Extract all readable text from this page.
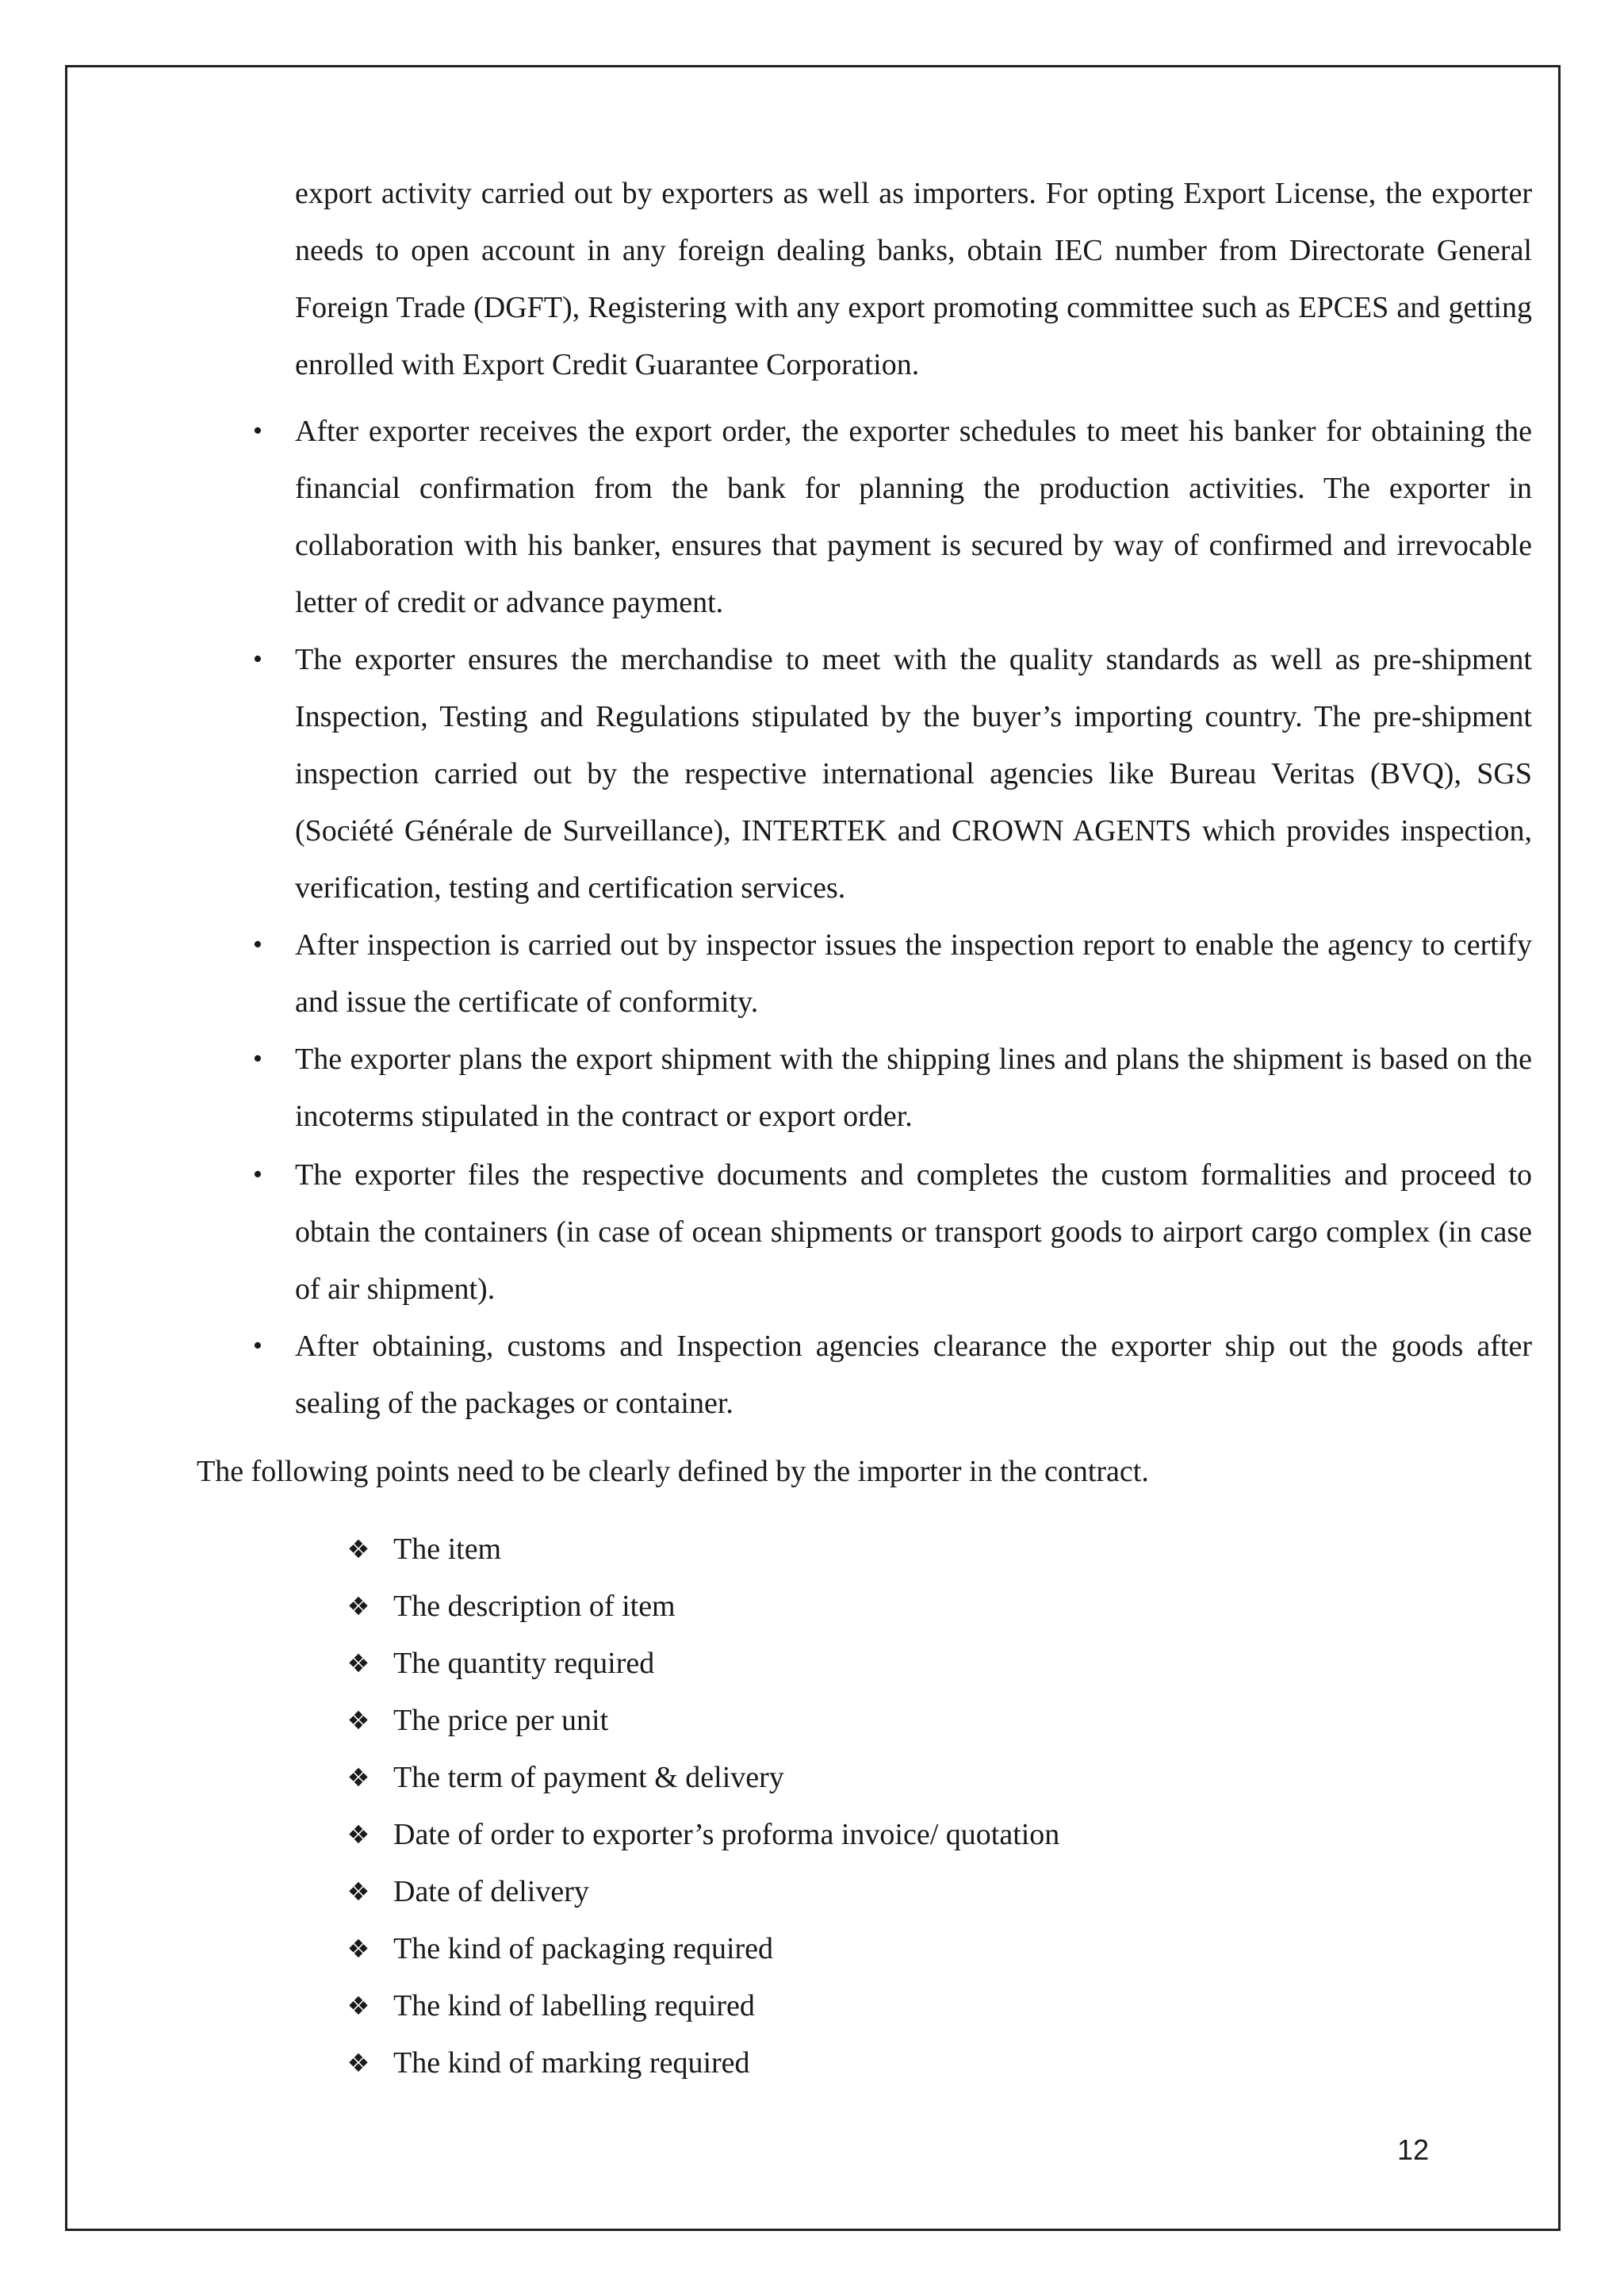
export activity carried out by exporters as well as importers. For opting Export License, the exporter needs to open account in any foreign dealing banks, obtain IEC number from Directorate General Foreign Trade (DGFT), Registering with any export promoting committee such as EPCES and getting enrolled with Export Credit Guarantee Corporation.

• After exporter receives the export order, the exporter schedules to meet his banker for obtaining the financial confirmation from the bank for planning the production activities. The exporter in collaboration with his banker, ensures that payment is secured by way of confirmed and irrevocable letter of credit or advance payment.
• The exporter ensures the merchandise to meet with the quality standards as well as pre-shipment Inspection, Testing and Regulations stipulated by the buyer’s importing country. The pre-shipment inspection carried out by the respective international agencies like Bureau Veritas (BVQ), SGS (Société Générale de Surveillance), INTERTEK and CROWN AGENTS which provides inspection, verification, testing and certification services.
• After inspection is carried out by inspector issues the inspection report to enable the agency to certify and issue the certificate of conformity.
• The exporter plans the export shipment with the shipping lines and plans the shipment is based on the incoterms stipulated in the contract or export order.
• The exporter files the respective documents and completes the custom formalities and proceed to obtain the containers (in case of ocean shipments or transport goods to airport cargo complex (in case of air shipment).
• After obtaining, customs and Inspection agencies clearance the exporter ship out the goods after sealing of the packages or container.
The following points need to be clearly defined by the importer in the contract.
❖ The item
❖ The description of item
❖ The quantity required
❖ The price per unit
❖ The term of payment & delivery
❖ Date of order to exporter’s proforma invoice/ quotation
❖ Date of delivery
❖ The kind of packaging required
❖ The kind of labelling required
❖ The kind of marking required
12
